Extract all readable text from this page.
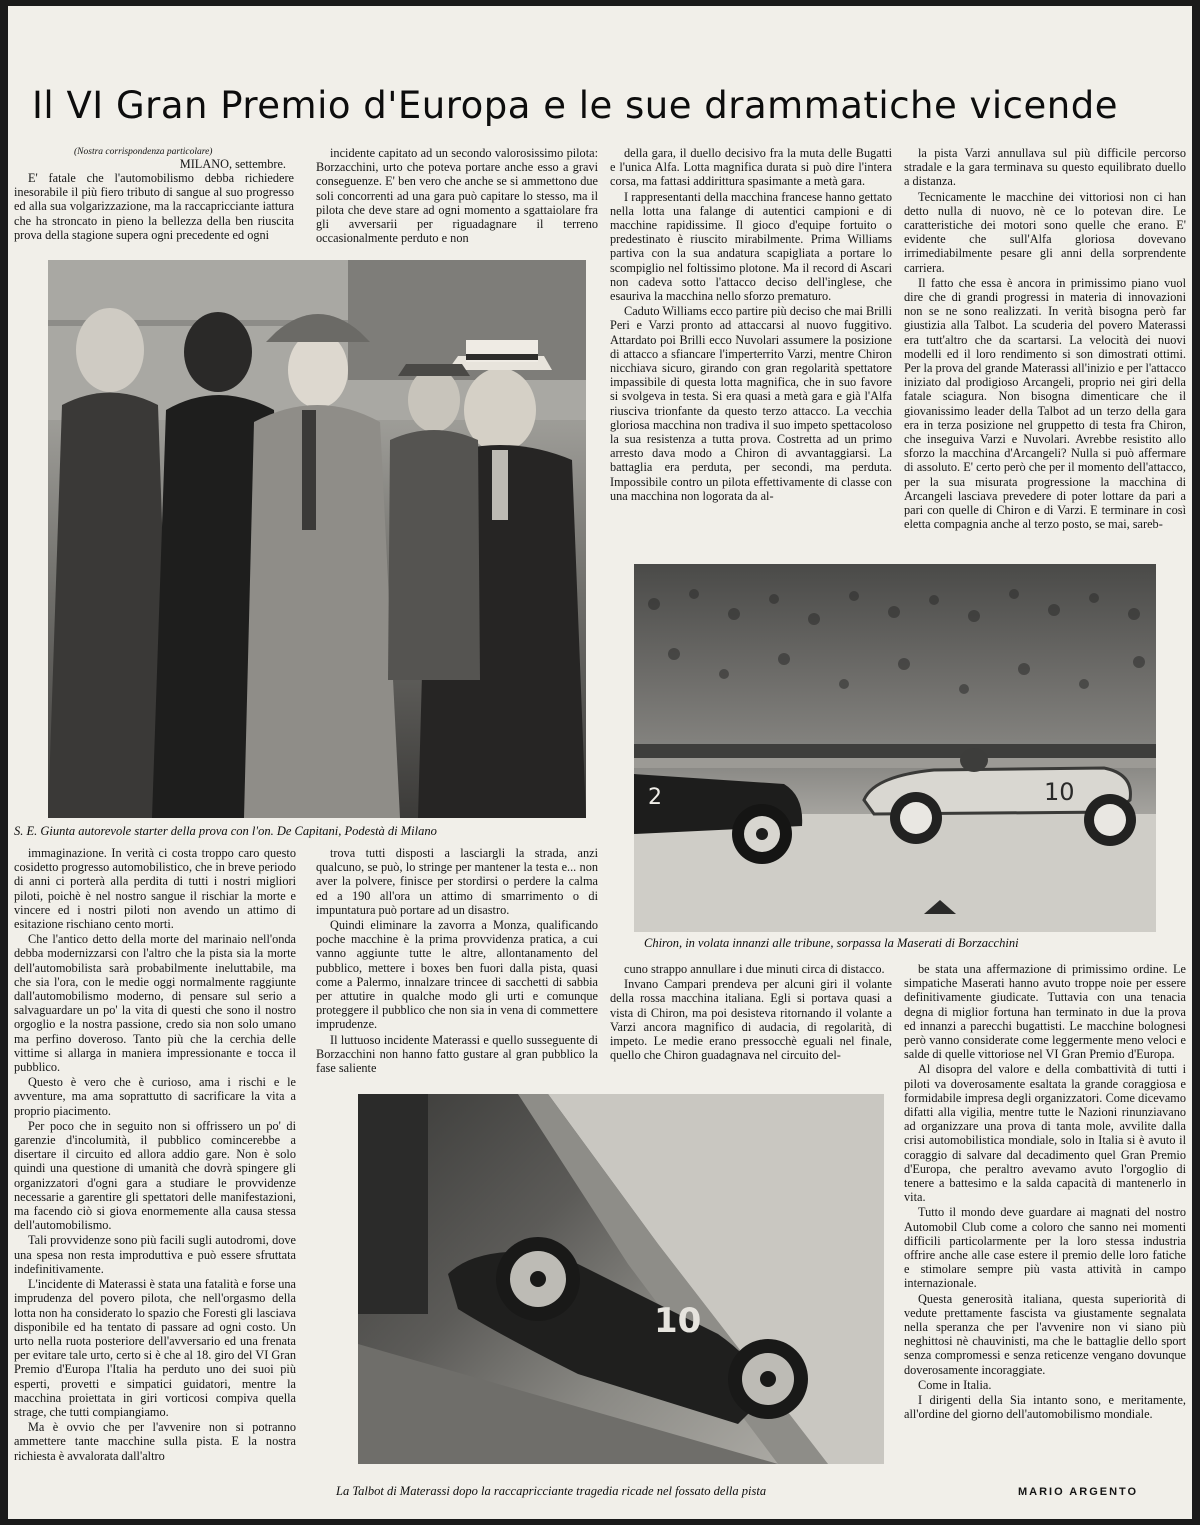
Il VI Gran Premio d'Europa e le sue drammatiche vicende
(Nostra corrispondenza particolare)
MILANO, settembre.

E' fatale che l'automobilismo debba richiedere inesorabile il più fiero tributo di sangue al suo progresso ed alla sua volgarizzazione, ma la raccapricciante iattura che ha stroncato in pieno la bellezza della ben riuscita prova della stagione supera ogni precedente ed ogni

incidente capitato ad un secondo valorosissimo pilota: Borzacchini, urto che poteva portare anche esso a gravi conseguenze. E' ben vero che anche se si ammettono due soli concorrenti ad una gara può capitare lo stesso, ma il pilota che deve stare ad ogni momento a sgattaiolare fra gli avversarii per riguadagnare il terreno occasionalmente perduto e non

della gara, il duello decisivo fra la muta delle Bugatti e l'unica Alfa. Lotta magnifica durata si può dire l'intera corsa, ma fattasi addirittura spasimante a metà gara.

I rappresentanti della macchina francese hanno gettato nella lotta una falange di autentici campioni e di macchine rapidissime. Il gioco d'equipe fortuito o predestinato è riuscito mirabilmente. Prima Williams partiva con la sua andatura scapigliata a portare lo scompiglio nel foltissimo plotone. Ma il record di Ascari non cadeva sotto l'attacco deciso dell'inglese, che esauriva la macchina nello sforzo prematuro.

Caduto Williams ecco partire più deciso che mai Brilli Peri e Varzi pronto ad attaccarsi al nuovo fuggitivo. Attardato poi Brilli ecco Nuvolari assumere la posizione di attacco a sfiancare l'imperterrito Varzi, mentre Chiron nicchiava sicuro, girando con gran regolarità spettatore impassibile di questa lotta magnifica, che in suo favore si svolgeva in testa. Si era quasi a metà gara e già l'Alfa riusciva trionfante da questo terzo attacco. La vecchia gloriosa macchina non tradiva il suo impeto spettacoloso la sua resistenza a tutta prova. Costretta ad un primo arresto dava modo a Chiron di avvantaggiarsi. La battaglia era perduta, per secondi, ma perduta. Impossibile contro un pilota effettivamente di classe con una macchina non logorata da al-

la pista Varzi annullava sul più difficile percorso stradale e la gara terminava su questo equilibrato duello a distanza.

Tecnicamente le macchine dei vittoriosi non ci han detto nulla di nuovo, nè ce lo potevan dire. Le caratteristiche dei motori sono quelle che erano. E' evidente che sull'Alfa gloriosa dovevano irrimediabilmente pesare gli anni della sorprendente carriera.

Il fatto che essa è ancora in primissimo piano vuol dire che di grandi progressi in materia di innovazioni non se ne sono realizzati. In verità bisogna però far giustizia alla Talbot. La scuderia del povero Materassi era tutt'altro che da scartarsi. La velocità dei nuovi modelli ed il loro rendimento si son dimostrati ottimi. Per la prova del grande Materassi all'inizio e per l'attacco iniziato dal prodigioso Arcangeli, proprio nei giri della fatale sciagura. Non bisogna dimenticare che il giovanissimo leader della Talbot ad un terzo della gara era in terza posizione nel gruppetto di testa fra Chiron, che inseguiva Varzi e Nuvolari. Avrebbe resistito allo sforzo la macchina d'Arcangeli? Nulla si può affermare di assoluto. E' certo però che per il momento dell'attacco, per la sua misurata progressione la macchina di Arcangeli lasciava prevedere di poter lottare da pari a pari con quelle di Chiron e di Varzi. E terminare in così eletta compagnia anche al terzo posto, se mai, sareb-

S. E. Giunta autorevole starter della prova con l'on. De Capitani, Podestà di Milano
2	10
Chiron, in volata innanzi alle tribune, sorpassa la Maserati di Borzacchini

immaginazione. In verità ci costa troppo caro questo cosidetto progresso automobilistico, che in breve periodo di anni ci porterà alla perdita di tutti i nostri migliori piloti, poichè è nel nostro sangue il rischiar la morte e vincere ed i nostri piloti non avendo un attimo di esitazione rischiano cento morti.

Che l'antico detto della morte del marinaio nell'onda debba modernizzarsi con l'altro che la pista sia la morte dell'automobilista sarà probabilmente ineluttabile, ma che sia l'ora, con le medie oggi normalmente raggiunte dall'automobilismo moderno, di pensare sul serio a salvaguardare un po' la vita di questi che sono il nostro orgoglio e la nostra passione, credo sia non solo umano ma perfino doveroso. Tanto più che la cerchia delle vittime si allarga in maniera impressionante e tocca il pubblico.

Questo è vero che è curioso, ama i rischi e le avventure, ma ama soprattutto di sacrificare la vita a proprio piacimento.

Per poco che in seguito non si offrissero un po' di garenzie d'incolumità, il pubblico comincerebbe a disertare il circuito ed allora addio gare. Non è solo quindi una questione di umanità che dovrà spingere gli organizzatori d'ogni gara a studiare le provvidenze necessarie a garentire gli spettatori delle manifestazioni, ma facendo ciò si giova enormemente alla causa stessa dell'automobilismo.

Tali provvidenze sono più facili sugli autodromi, dove una spesa non resta improduttiva e può essere sfruttata indefinitivamente.

L'incidente di Materassi è stata una fatalità e forse una imprudenza del povero pilota, che nell'orgasmo della lotta non ha considerato lo spazio che Foresti gli lasciava disponibile ed ha tentato di passare ad ogni costo. Un urto nella ruota posteriore dell'avversario ed una frenata per evitare tale urto, certo si è che al 18. giro del VI Gran Premio d'Europa l'Italia ha perduto uno dei suoi più esperti, provetti e simpatici guidatori, mentre la macchina proiettata in giri vorticosi compiva quella strage, che tutti compiangiamo.

Ma è ovvio che per l'avvenire non si potranno ammettere tante macchine sulla pista. E la nostra richiesta è avvalorata dall'altro

trova tutti disposti a lasciargli la strada, anzi qualcuno, se può, lo stringe per mantener la testa e... non aver la polvere, finisce per stordirsi o perdere la calma ed a 190 all'ora un attimo di smarrimento o di impuntatura può portare ad un disastro.

Quindi eliminare la zavorra a Monza, qualificando poche macchine è la prima provvidenza pratica, a cui vanno aggiunte tutte le altre, allontanamento del pubblico, mettere i boxes ben fuori dalla pista, quasi come a Palermo, innalzare trincee di sacchetti di sabbia per attutire in qualche modo gli urti e comunque proteggere il pubblico che non sia in vena di commettere imprudenze.

Il luttuoso incidente Materassi e quello susseguente di Borzacchini non hanno fatto gustare al gran pubblico la fase saliente

cuno strappo annullare i due minuti circa di distacco.

Invano Campari prendeva per alcuni giri il volante della rossa macchina italiana. Egli si portava quasi a vista di Chiron, ma poi desisteva ritornando il volante a Varzi ancora magnifico di audacia, di regolarità, di impeto. Le medie erano pressocchè eguali nel finale, quello che Chiron guadagnava nel circuito del-

be stata una affermazione di primissimo ordine. Le simpatiche Maserati hanno avuto troppe noie per essere definitivamente giudicate. Tuttavia con una tenacia degna di miglior fortuna han terminato in due la prova ed innanzi a parecchi bugattisti. Le macchine bolognesi però vanno considerate come leggermente meno veloci e salde di quelle vittoriose nel VI Gran Premio d'Europa.

Al disopra del valore e della combattività di tutti i piloti va doverosamente esaltata la grande coraggiosa e formidabile impresa degli organizzatori. Come dicevamo difatti alla vigilia, mentre tutte le Nazioni rinunziavano ad organizzare una prova di tanta mole, avvilite dalla crisi automobilistica mondiale, solo in Italia si è avuto il coraggio di salvare dal decadimento quel Gran Premio d'Europa, che peraltro avevamo avuto l'orgoglio di tenere a battesimo e la salda capacità di mantenerlo in vita.

Tutto il mondo deve guardare ai magnati del nostro Automobil Club come a coloro che sanno nei momenti difficili particolarmente per la loro stessa industria offrire anche alle case estere il premio delle loro fatiche e stimolare sempre più vasta attività in campo internazionale.

Questa generosità italiana, questa superiorità di vedute prettamente fascista va giustamente segnalata nella speranza che per l'avvenire non vi siano più neghittosi nè chauvinisti, ma che le battaglie dello sport senza compromessi e senza reticenze vengano dovunque doverosamente incoraggiate.

Come in Italia.

I dirigenti della Sia intanto sono, e meritamente, all'ordine del giorno dell'automobilismo mondiale.

10
La Talbot di Materassi dopo la raccapricciante tragedia ricade nel fossato della pista	MARIO ARGENTO
